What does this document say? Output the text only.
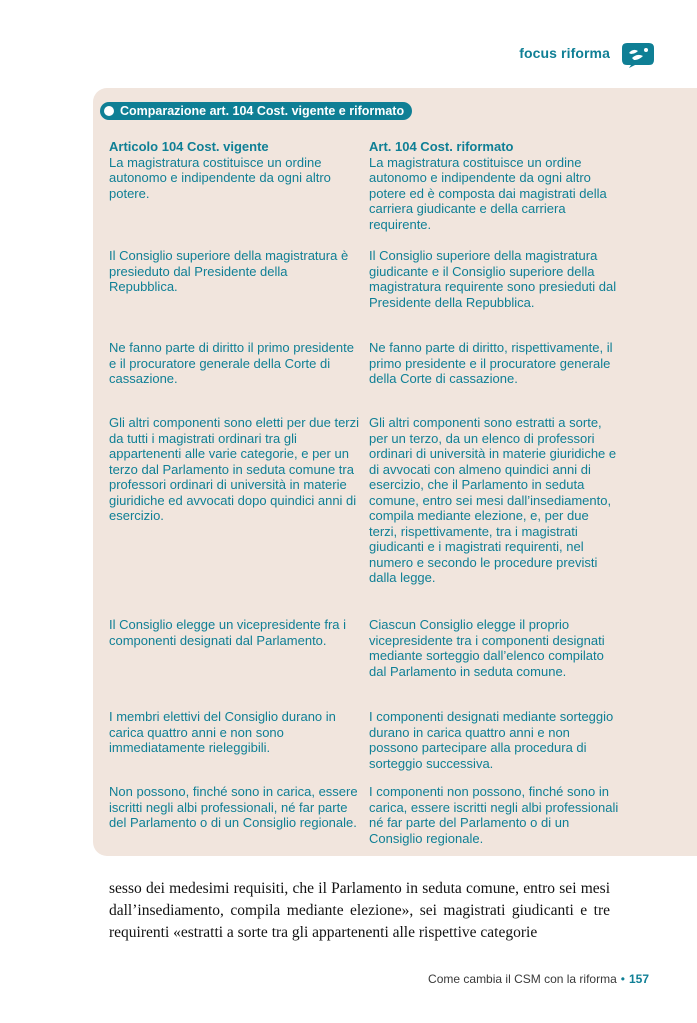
focus riforma
Comparazione art. 104 Cost. vigente e riformato
Articolo 104 Cost. vigente

La magistratura costituisce un ordine autonomo e indipendente da ogni altro potere.

Il Consiglio superiore della magistratura è presieduto dal Presidente della Repubblica.

Ne fanno parte di diritto il primo presidente e il procuratore generale della Corte di cassazione.

Gli altri componenti sono eletti per due terzi da tutti i magistrati ordinari tra gli appartenenti alle varie categorie, e per un terzo dal Parlamento in seduta comune tra professori ordinari di università in materie giuridiche ed avvocati dopo quindici anni di esercizio.

Il Consiglio elegge un vicepresidente fra i componenti designati dal Parlamento.

I membri elettivi del Consiglio durano in carica quattro anni e non sono immediatamente rieleggibili.

Non possono, finché sono in carica, essere iscritti negli albi professionali, né far parte del Parlamento o di un Consiglio regionale.

Art. 104 Cost. riformato

La magistratura costituisce un ordine autonomo e indipendente da ogni altro potere ed è composta dai magistrati della carriera giudicante e della carriera requirente.

Il Consiglio superiore della magistratura giudicante e il Consiglio superiore della magistratura requirente sono presieduti dal Presidente della Repubblica.

Ne fanno parte di diritto, rispettivamente, il primo presidente e il procuratore generale della Corte di cassazione.

Gli altri componenti sono estratti a sorte, per un terzo, da un elenco di professori ordinari di università in materie giuridiche e di avvocati con almeno quindici anni di esercizio, che il Parlamento in seduta comune, entro sei mesi dall’insediamento, compila mediante elezione, e, per due terzi, rispettivamente, tra i magistrati giudicanti e i magistrati requirenti, nel numero e secondo le procedure previsti dalla legge.

Ciascun Consiglio elegge il proprio vicepresidente tra i componenti designati mediante sorteggio dall’elenco compilato dal Parlamento in seduta comune.

I componenti designati mediante sorteggio durano in carica quattro anni e non possono partecipare alla procedura di sorteggio successiva.

I componenti non possono, finché sono in carica, essere iscritti negli albi professionali né far parte del Parlamento o di un Consiglio regionale.

sesso dei medesimi requisiti, che il Parlamento in seduta comune, entro sei mesi dall’insediamento, compila mediante elezione», sei magistrati giudicanti e tre requirenti «estratti a sorte tra gli appartenenti alle rispettive categorie

Come cambia il CSM con la riforma • 157
